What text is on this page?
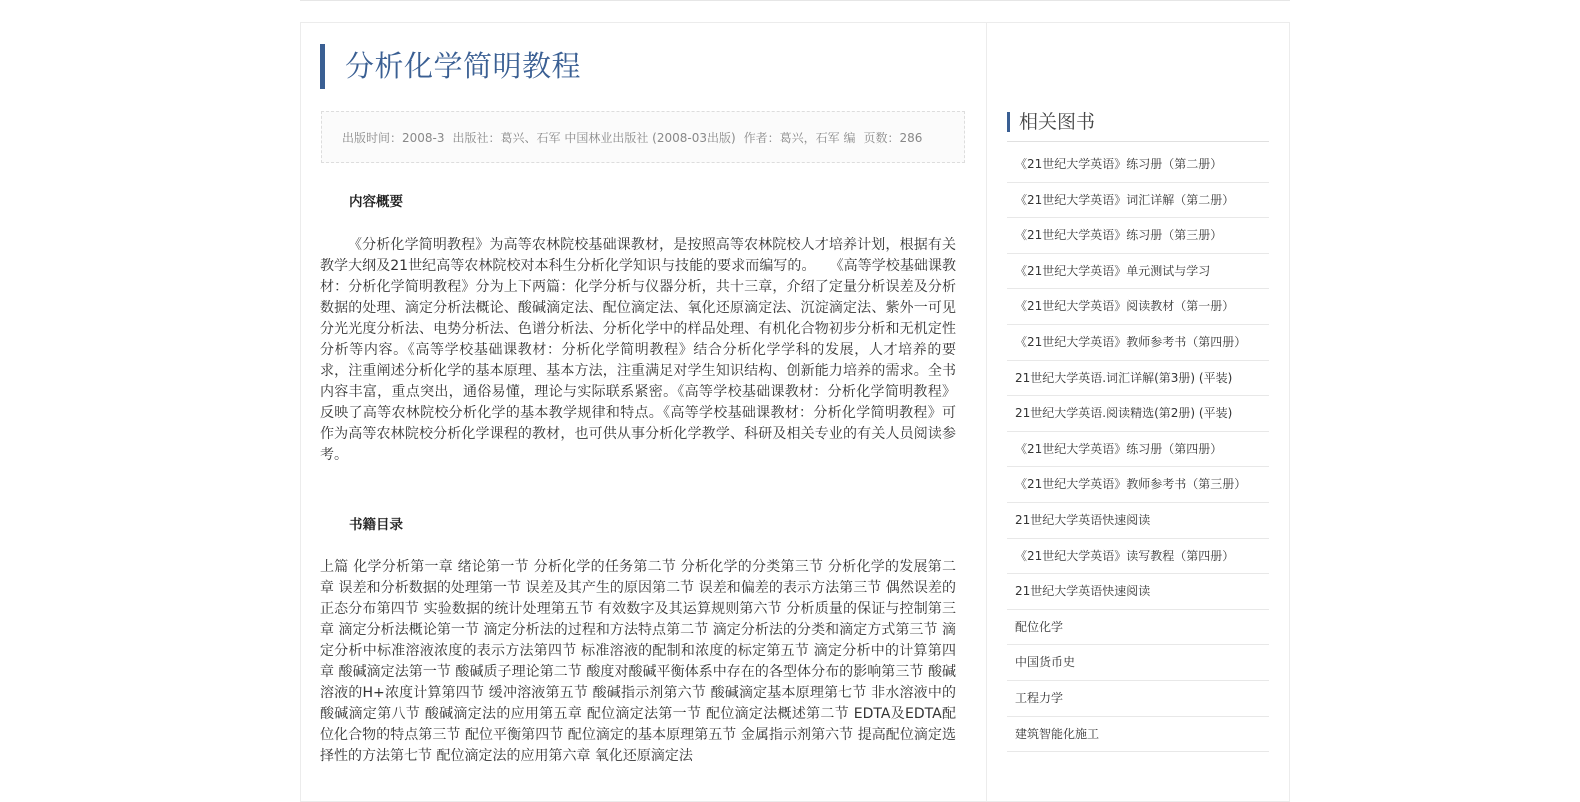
分析化学简明教程
出版时间：2008-3 出版社：葛兴、石军 中国林业出版社 (2008-03出版) 作者：葛兴，石军 编 页数：286
内容概要
《分析化学简明教程》为高等农林院校基础课教材，是按照高等农林院校人才培养计划，根据有关教学大纲及21世纪高等农林院校对本科生分析化学知识与技能的要求而编写的。　　《高等学校基础课教材：分析化学简明教程》分为上下两篇：化学分析与仪器分析，共十三章，介绍了定量分析误差及分析数据的处理、滴定分析法概论、酸碱滴定法、配位滴定法、氧化还原滴定法、沉淀滴定法、紫外一可见分光光度分析法、电势分析法、色谱分析法、分析化学中的样品处理、有机化合物初步分析和无机定性分析等内容。《高等学校基础课教材：分析化学简明教程》结合分析化学学科的发展，人才培养的要求，注重阐述分析化学的基本原理、基本方法，注重满足对学生知识结构、创新能力培养的需求。全书内容丰富，重点突出，通俗易懂，理论与实际联系紧密。《高等学校基础课教材：分析化学简明教程》反映了高等农林院校分析化学的基本教学规律和特点。《高等学校基础课教材：分析化学简明教程》可作为高等农林院校分析化学课程的教材，也可供从事分析化学教学、科研及相关专业的有关人员阅读参考。
书籍目录
上篇 化学分析第一章 绪论第一节 分析化学的任务第二节 分析化学的分类第三节 分析化学的发展第二章 误差和分析数据的处理第一节 误差及其产生的原因第二节 误差和偏差的表示方法第三节 偶然误差的正态分布第四节 实验数据的统计处理第五节 有效数字及其运算规则第六节 分析质量的保证与控制第三章 滴定分析法概论第一节 滴定分析法的过程和方法特点第二节 滴定分析法的分类和滴定方式第三节 滴定分析中标准溶液浓度的表示方法第四节 标准溶液的配制和浓度的标定第五节 滴定分析中的计算第四章 酸碱滴定法第一节 酸碱质子理论第二节 酸度对酸碱平衡体系中存在的各型体分布的影响第三节 酸碱溶液的H+浓度计算第四节 缓冲溶液第五节 酸碱指示剂第六节 酸碱滴定基本原理第七节 非水溶液中的酸碱滴定第八节 酸碱滴定法的应用第五章 配位滴定法第一节 配位滴定法概述第二节 EDTA及EDTA配位化合物的特点第三节 配位平衡第四节 配位滴定的基本原理第五节 金属指示剂第六节 提高配位滴定选择性的方法第七节 配位滴定法的应用第六章 氧化还原滴定法
相关图书
《21世纪大学英语》练习册（第二册）
《21世纪大学英语》词汇详解（第二册）
《21世纪大学英语》练习册（第三册）
《21世纪大学英语》单元测试与学习
《21世纪大学英语》阅读教材（第一册）
《21世纪大学英语》教师参考书（第四册）
21世纪大学英语.词汇详解(第3册) (平装)
21世纪大学英语.阅读精选(第2册) (平装)
《21世纪大学英语》练习册（第四册）
《21世纪大学英语》教师参考书（第三册）
21世纪大学英语快速阅读
《21世纪大学英语》读写教程（第四册）
21世纪大学英语快速阅读
配位化学
中国货币史
工程力学
建筑智能化施工
